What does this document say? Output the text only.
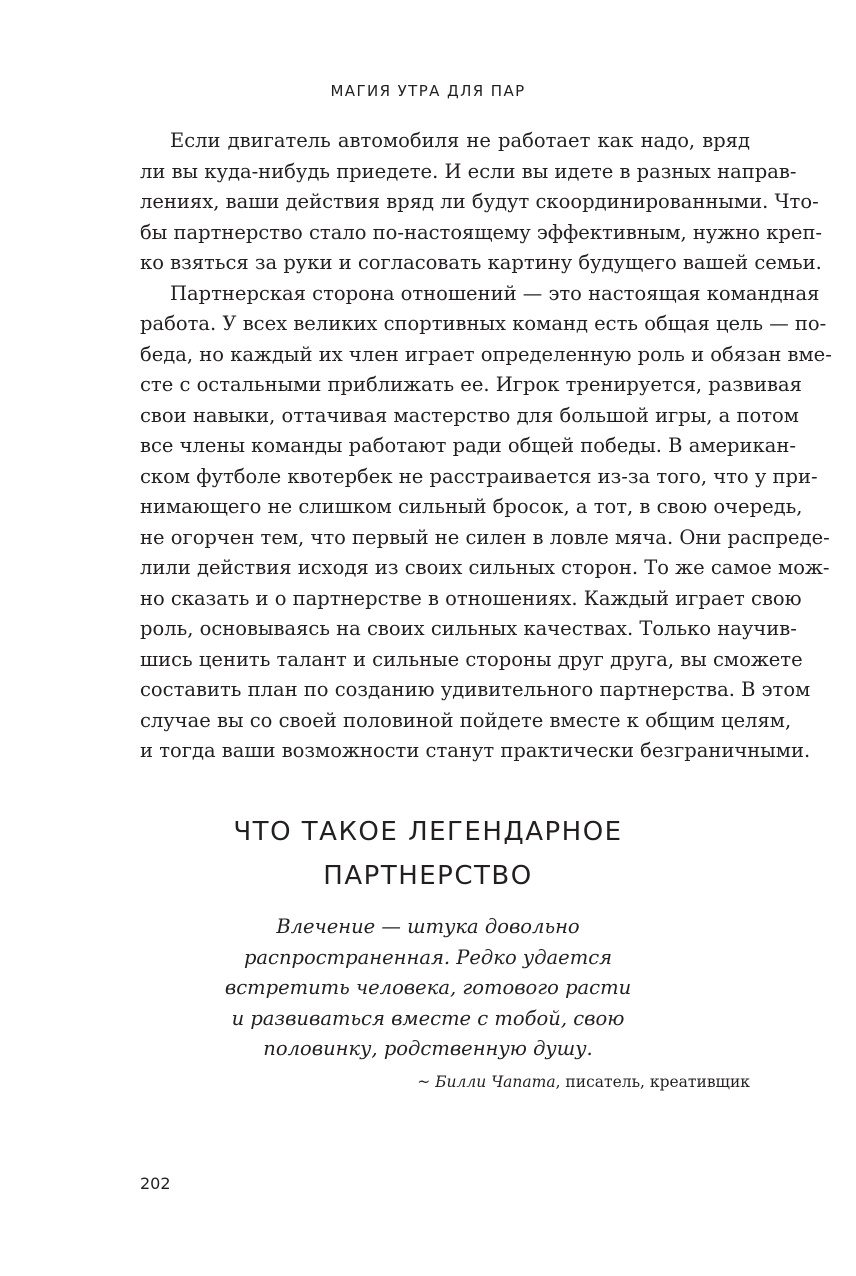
МАГИЯ УТРА ДЛЯ ПАР
Если двигатель автомобиля не работает как надо, вряд
ли вы куда-нибудь приедете. И если вы идете в разных направ-
лениях, ваши действия вряд ли будут скоординированными. Что-
бы партнерство стало по-настоящему эффективным, нужно креп-
ко взяться за руки и согласовать картину будущего вашей семьи.
Партнерская сторона отношений — это настоящая командная
работа. У всех великих спортивных команд есть общая цель — по-
беда, но каждый их член играет определенную роль и обязан вме-
сте с остальными приближать ее. Игрок тренируется, развивая
свои навыки, оттачивая мастерство для большой игры, а потом
все члены команды работают ради общей победы. В американ-
ском футболе квотербек не расстраивается из-за того, что у при-
нимающего не слишком сильный бросок, а тот, в свою очередь,
не огорчен тем, что первый не силен в ловле мяча. Они распреде-
лили действия исходя из своих сильных сторон. То же самое мож-
но сказать и о партнерстве в отношениях. Каждый играет свою
роль, основываясь на своих сильных качествах. Только научив-
шись ценить талант и сильные стороны друг друга, вы сможете
составить план по созданию удивительного партнерства. В этом
случае вы со своей половиной пойдете вместе к общим целям,
и тогда ваши возможности станут практически безграничными.
ЧТО ТАКОЕ ЛЕГЕНДАРНОЕ
ПАРТНЕРСТВО
Влечение — штука довольно
распространенная. Редко удается
встретить человека, готового расти
и развиваться вместе с тобой, свою
половинку, родственную душу.
~ Билли Чапата, писатель, креативщик
202
